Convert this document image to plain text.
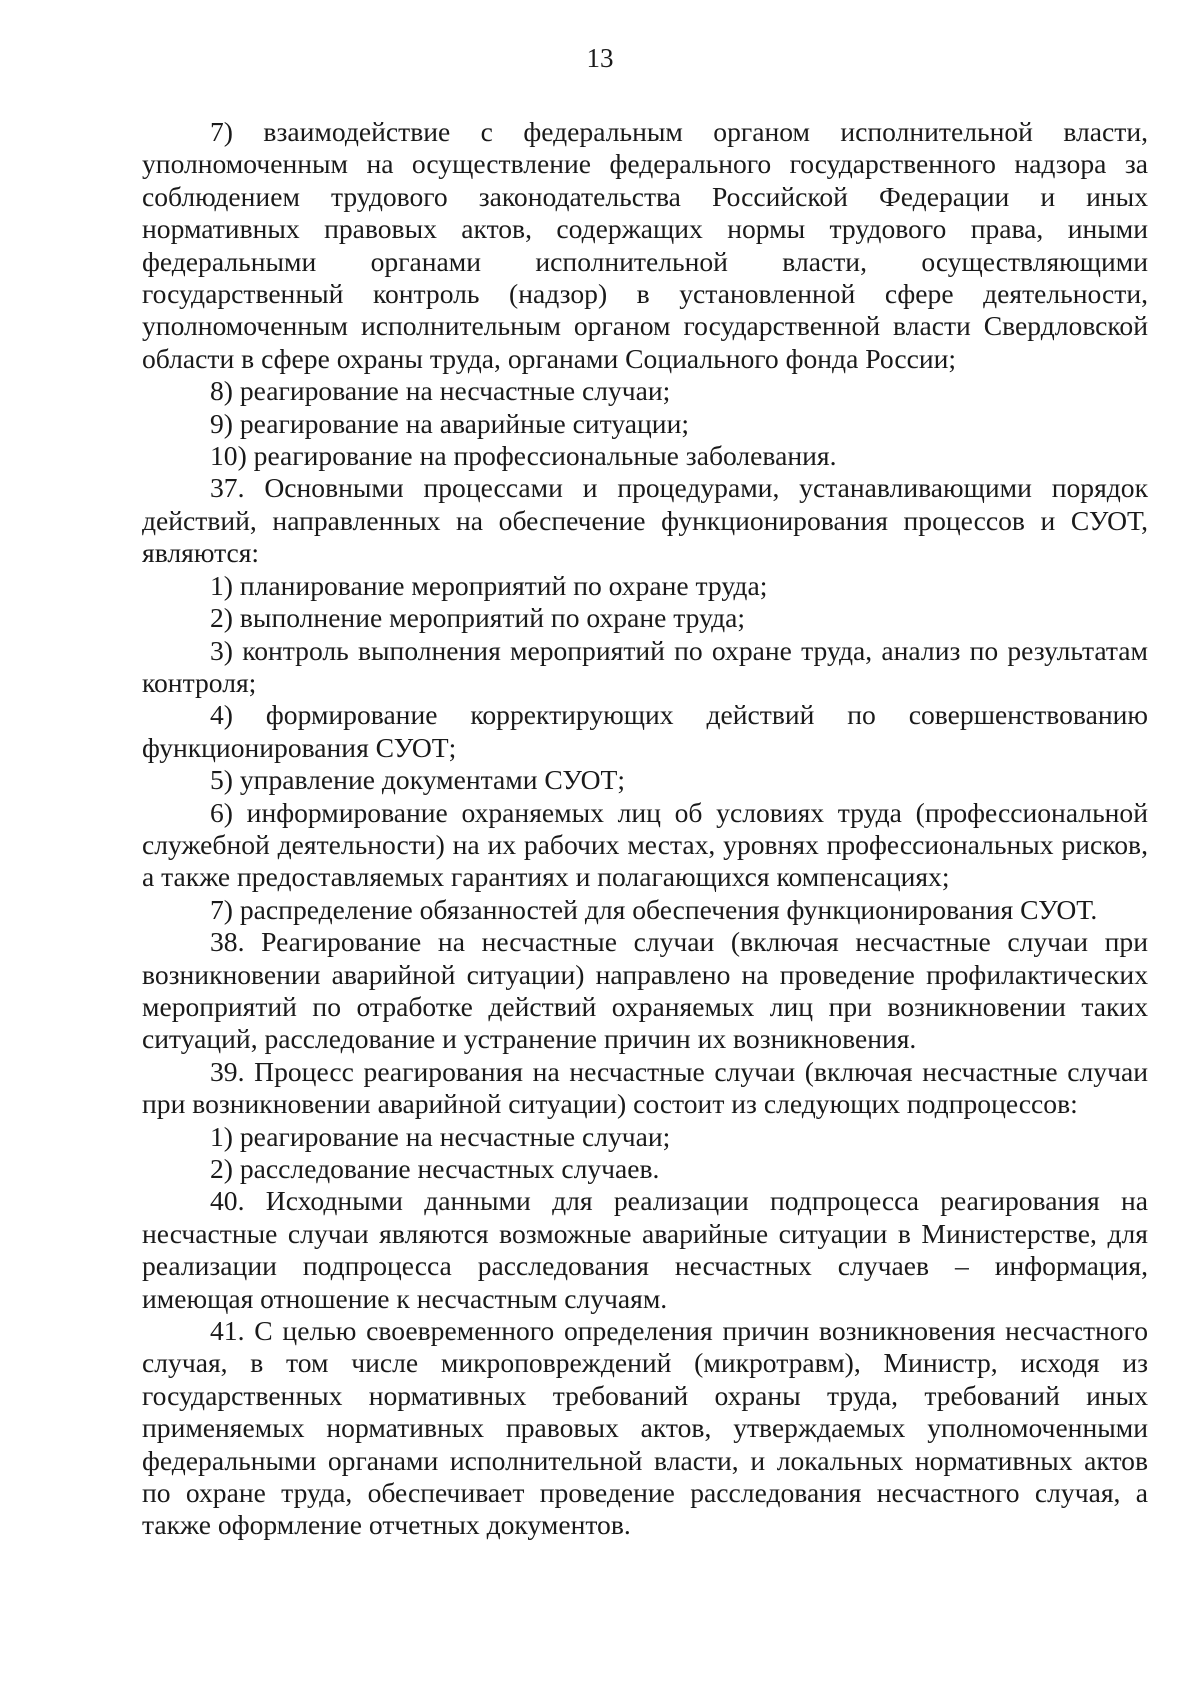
13

7) взаимодействие с федеральным органом исполнительной власти, уполномоченным на осуществление федерального государственного надзора за соблюдением трудового законодательства Российской Федерации и иных нормативных правовых актов, содержащих нормы трудового права, иными федеральными органами исполнительной власти, осуществляющими государственный контроль (надзор) в установленной сфере деятельности, уполномоченным исполнительным органом государственной власти Свердловской области в сфере охраны труда, органами Социального фонда России;

8) реагирование на несчастные случаи;

9) реагирование на аварийные ситуации;

10) реагирование на профессиональные заболевания.

37. Основными процессами и процедурами, устанавливающими порядок действий, направленных на обеспечение функционирования процессов и СУОТ, являются:

1) планирование мероприятий по охране труда;

2) выполнение мероприятий по охране труда;

3) контроль выполнения мероприятий по охране труда, анализ по результатам контроля;

4) формирование корректирующих действий по совершенствованию функционирования СУОТ;

5) управление документами СУОТ;

6) информирование охраняемых лиц об условиях труда (профессиональной служебной деятельности) на их рабочих местах, уровнях профессиональных рисков, а также предоставляемых гарантиях и полагающихся компенсациях;

7) распределение обязанностей для обеспечения функционирования СУОТ.

38. Реагирование на несчастные случаи (включая несчастные случаи при возникновении аварийной ситуации) направлено на проведение профилактических мероприятий по отработке действий охраняемых лиц при возникновении таких ситуаций, расследование и устранение причин их возникновения.

39. Процесс реагирования на несчастные случаи (включая несчастные случаи при возникновении аварийной ситуации) состоит из следующих подпроцессов:

1) реагирование на несчастные случаи;

2) расследование несчастных случаев.

40. Исходными данными для реализации подпроцесса реагирования на несчастные случаи являются возможные аварийные ситуации в Министерстве, для реализации подпроцесса расследования несчастных случаев – информация, имеющая отношение к несчастным случаям.

41. С целью своевременного определения причин возникновения несчастного случая, в том числе микроповреждений (микротравм), Министр, исходя из государственных нормативных требований охраны труда, требований иных применяемых нормативных правовых актов, утверждаемых уполномоченными федеральными органами исполнительной власти, и локальных нормативных актов по охране труда, обеспечивает проведение расследования несчастного случая, а также оформление отчетных документов.
